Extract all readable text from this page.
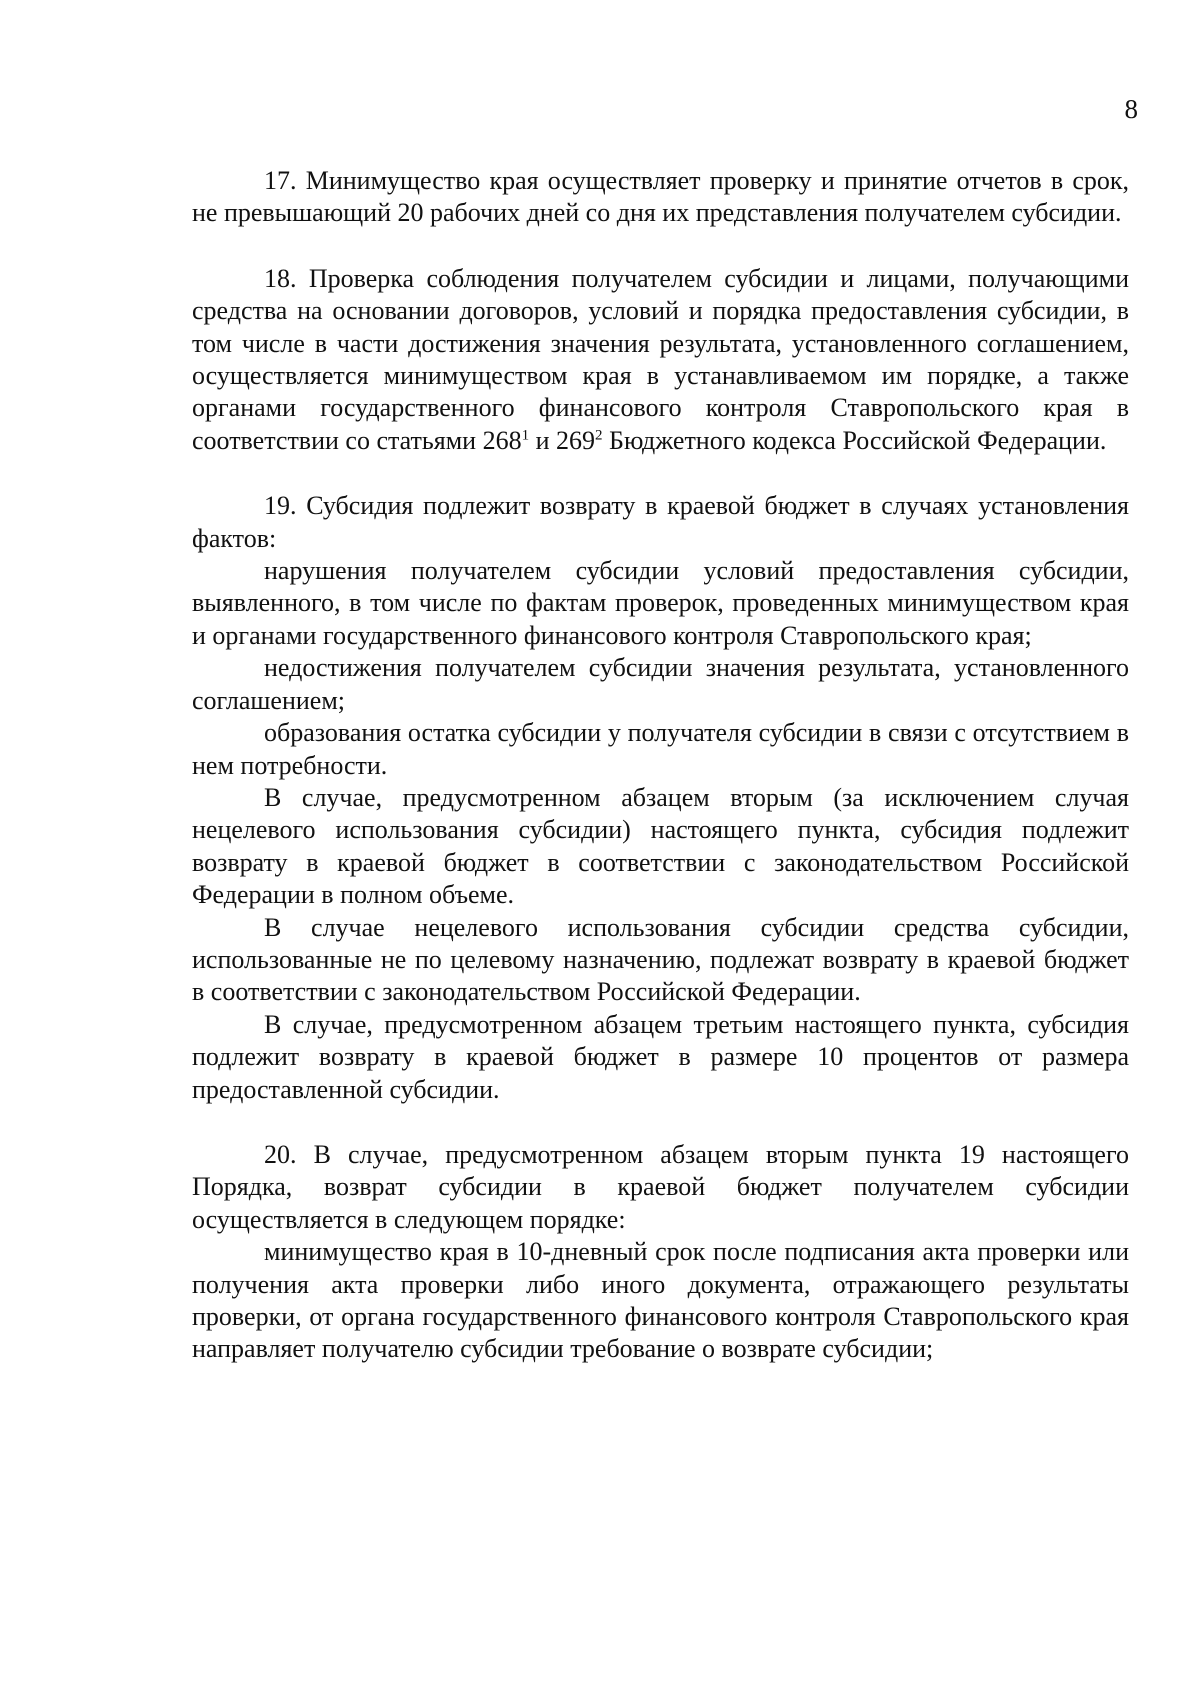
8

17. Минимущество края осуществляет проверку и принятие отчетов в срок, не превышающий 20 рабочих дней со дня их представления получателем субсидии.

18. Проверка соблюдения получателем субсидии и лицами, получающими средства на основании договоров, условий и порядка предоставления субсидии, в том числе в части достижения значения результата, установленного соглашением, осуществляется минимуществом края в устанавливаемом им порядке, а также органами государственного финансового контроля Ставропольского края в соответствии со статьями $268^1$ и $269^2$ Бюджетного кодекса Российской Федерации.

19. Субсидия подлежит возврату в краевой бюджет в случаях установления фактов:

нарушения получателем субсидии условий предоставления субсидии, выявленного, в том числе по фактам проверок, проведенных минимуществом края и органами государственного финансового контроля Ставропольского края;

недостижения получателем субсидии значения результата, установленного соглашением;

образования остатка субсидии у получателя субсидии в связи с отсутствием в нем потребности.

В случае, предусмотренном абзацем вторым (за исключением случая нецелевого использования субсидии) настоящего пункта, субсидия подлежит возврату в краевой бюджет в соответствии с законодательством Российской Федерации в полном объеме.

В случае нецелевого использования субсидии средства субсидии, использованные не по целевому назначению, подлежат возврату в краевой бюджет в соответствии с законодательством Российской Федерации.

В случае, предусмотренном абзацем третьим настоящего пункта, субсидия подлежит возврату в краевой бюджет в размере 10 процентов от размера предоставленной субсидии.

20. В случае, предусмотренном абзацем вторым пункта 19 настоящего Порядка, возврат субсидии в краевой бюджет получателем субсидии осуществляется в следующем порядке:

минимущество края в 10-дневный срок после подписания акта проверки или получения акта проверки либо иного документа, отражающего результаты проверки, от органа государственного финансового контроля Ставропольского края направляет получателю субсидии требование о возврате субсидии;
